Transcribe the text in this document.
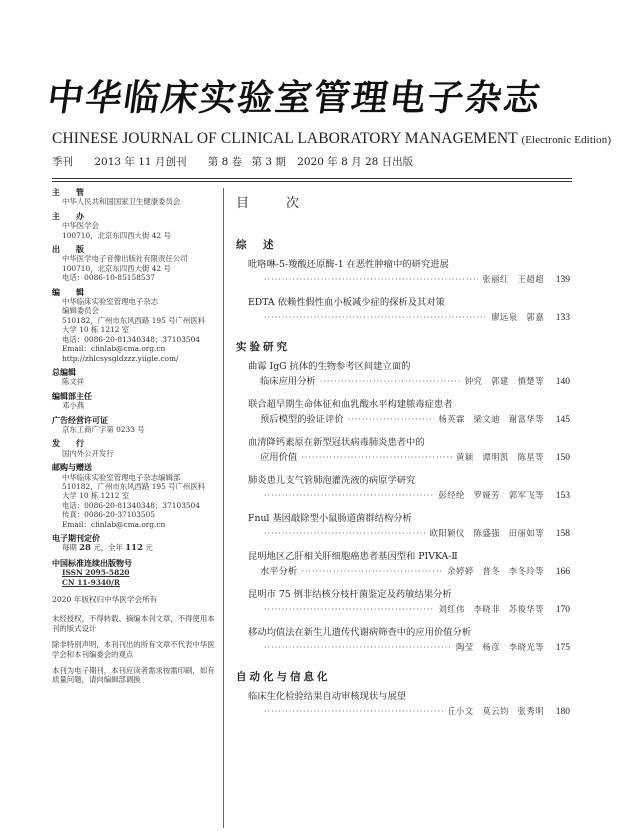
中华临床实验室管理电子杂志
CHINESE JOURNAL OF CLINICAL LABORATORY MANAGEMENT (Electronic Edition)
季刊 2013 年 11 月创刊 第 8 卷 第 3 期 2020 年 8 月 28 日出版
主　管
中华人民共和国国家卫生健康委员会
主　办
中华医学会
100710，北京东四西大街 42 号
出　版
中华医学电子音像出版社有限责任公司
100710，北京东四西大街 42 号
电话：0086-10-85158537
编　辑
中华临床实验室管理电子杂志
编辑委员会
510182，广州市东风西路 195 号广州医科
大学 10 栋 1212 室
电话：0086-20-81340348；37103504
Email：clinlab@cma.org.cn
http://zhlcsysgldzzz.yiigle.com/
总编辑
陈文祥
编辑部主任
邓小燕
广告经营许可证
京东工商广字第 0233 号
发　行
国内外公开发行
邮购与赠送
中华临床实验室管理电子杂志编辑部
510182，广州市东风西路 195 号广州医科
大学 10 栋 1212 室
电话：0086-20-81340348；37103504
传真：0086-20-37103505
Email：clinlab@cma.org.cn
电子期刊定价
每期 28 元，全年 112 元
中国标准连续出版物号
ISSN 2095-5820
CN 11-9340/R
2020 年版权归中华医学会所有

未经授权，不得转载、摘编本刊文章，不得使用本刊的版式设计

除非特别声明，本刊刊出的所有文章不代表中华医学会和本刊编委会的观点

本刊为电子期刊，本刊应读者需求按需印刷，如有质量问题，请向编辑部调换

目　次
综　述
吡咯啉-5-羧酸还原酶-1 在恶性肿瘤中的研究进展
·····
张丽红　王超超	139
EDTA 依赖性假性血小板减少症的探析及其对策
·····
廖远泉　郭嘉	133
实验研究
曲霉 IgG 抗体的生物参考区间建立面的
临床应用分析 ·····	钟究　郭建　慎楚等	140
联合超早期生命体征和血乳酸水平构建脓毒症患者
预后模型的验证评价 ·····	杨英霖　梁文迪　谢富华等	145
血清降钙素原在新型冠状病毒肺炎患者中的
应用价值 ·····	黄颖　谭明凯　陈星等	150
肺炎患儿支气管肺泡灌洗液的病原学研究
·····
彭经纶　罗娅芳　郭军飞等	153
Fnul 基因敲除型小鼠肠道菌群结构分析
·····
欧阳颖仪　陈盛强　田丽如等	158
昆明地区乙肝相关肝细胞癌患者基因型和 PIVKA-Ⅱ
水平分析 ·····	余婷婷　普冬　李冬玲等	166
昆明市 75 例非结核分枝杆菌鉴定及药敏结果分析
·····
刘红伟　李晓非　苏俊华等	170
移动均值法在新生儿遗传代谢病筛查中的应用价值分析
·····
陶莹　杨彦　李晓光等	175
自动化与信息化
临床生化检验结果自动审核现状与展望
·····
丘小文　莫云钧　张秀明	180
